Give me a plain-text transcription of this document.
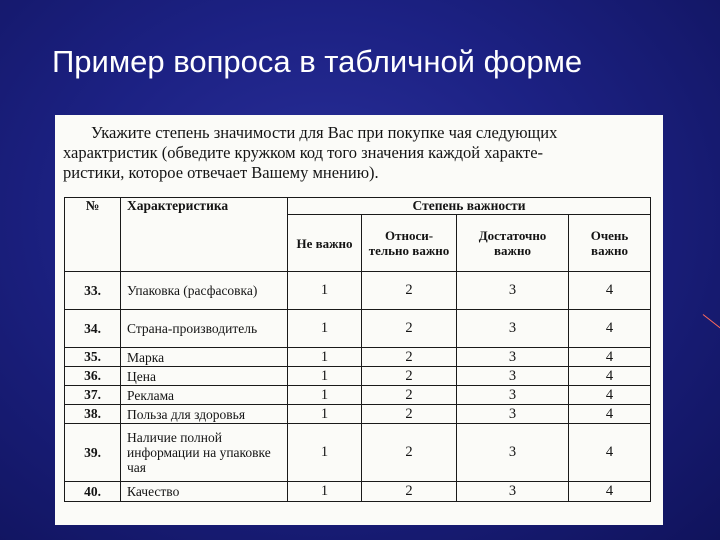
Пример вопроса в табличной форме
Укажите степень значимости для Вас при покупке чая следующих
характристик (обведите кружком код того значения каждой характе-
ристики, которое отвечает Вашему мнению).
№	Характеристика	Степень важности			
		Не важно	Относи-тельно важно	Достаточно важно	Очень важно
33.	Упаковка (расфасовка)	1	2	3	4
34.	Страна-производитель	1	2	3	4
35.	Марка	1	2	3	4
36.	Цена	1	2	3	4
37.	Реклама	1	2	3	4
38.	Польза для здоровья	1	2	3	4
39.	Наличие полной информации на упаковке чая	1	2	3	4
40.	Качество	1	2	3	4
